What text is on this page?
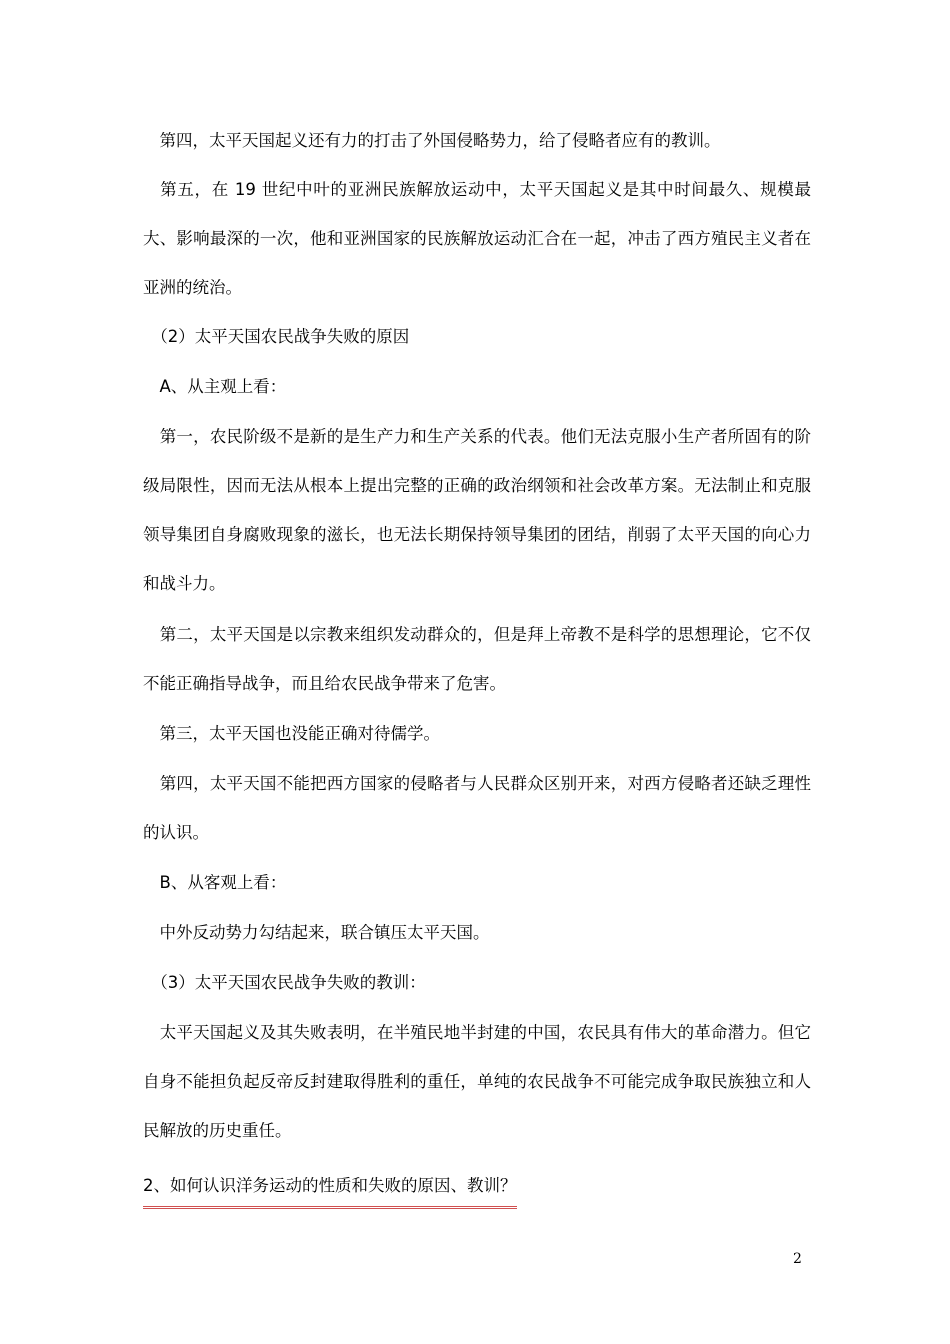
　第四，太平天国起义还有力的打击了外国侵略势力，给了侵略者应有的教训。

　第五，在 19 世纪中叶的亚洲民族解放运动中，太平天国起义是其中时间最久、规模最大、影响最深的一次，他和亚洲国家的民族解放运动汇合在一起，冲击了西方殖民主义者在亚洲的统治。

　（2）太平天国农民战争失败的原因

　A、从主观上看：

　第一，农民阶级不是新的是生产力和生产关系的代表。他们无法克服小生产者所固有的阶级局限性，因而无法从根本上提出完整的正确的政治纲领和社会改革方案。无法制止和克服领导集团自身腐败现象的滋长，也无法长期保持领导集团的团结，削弱了太平天国的向心力和战斗力。

　第二，太平天国是以宗教来组织发动群众的，但是拜上帝教不是科学的思想理论，它不仅不能正确指导战争，而且给农民战争带来了危害。

　第三，太平天国也没能正确对待儒学。

　第四，太平天国不能把西方国家的侵略者与人民群众区别开来，对西方侵略者还缺乏理性的认识。

　B、从客观上看：

　中外反动势力勾结起来，联合镇压太平天国。

　（3）太平天国农民战争失败的教训：

　太平天国起义及其失败表明，在半殖民地半封建的中国，农民具有伟大的革命潜力。但它自身不能担负起反帝反封建取得胜利的重任，单纯的农民战争不可能完成争取民族独立和人民解放的历史重任。

2、如何认识洋务运动的性质和失败的原因、教训？

2
